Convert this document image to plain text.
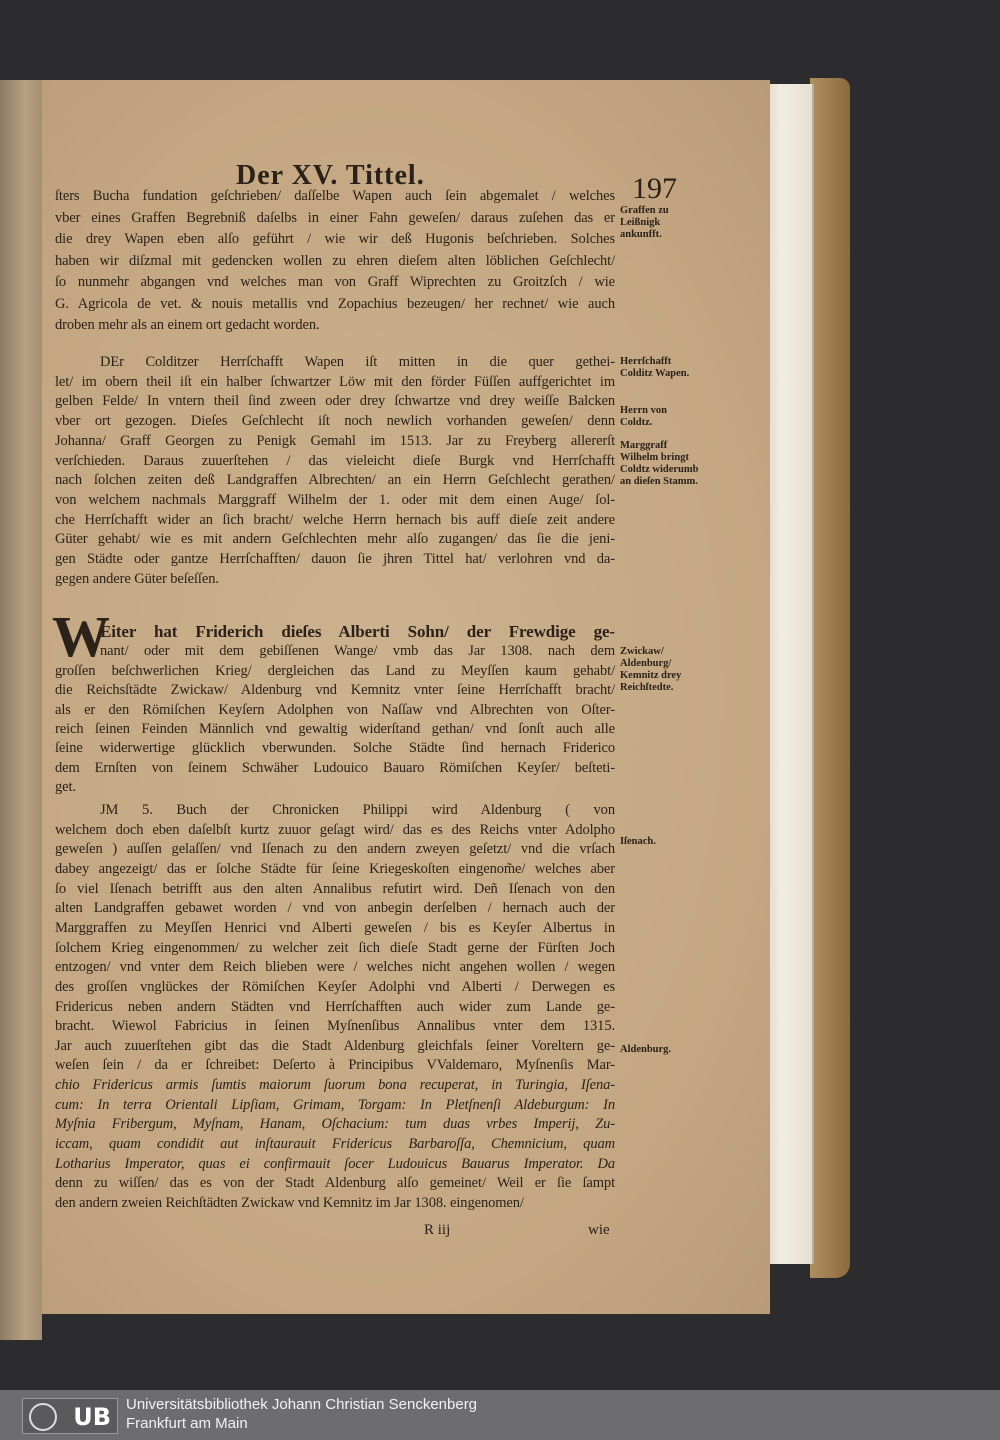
Der XV. Tittel.	197
W
ſters Bucha fundation geſchrieben/ daſſelbe Wapen auch ſein abgemalet / welches
vber eines Graffen Begrebniß daſelbs in einer Fahn geweſen/ daraus zuſehen das er
die drey Wapen eben alſo geführt / wie wir deß Hugonis beſchrieben. Solches
haben wir diſzmal mit gedencken wollen zu ehren dieſem alten löblichen Geſchlecht/
ſo nunmehr abgangen vnd welches man von Graff Wiprechten zu Groitzſch / wie
G. Agricola de vet. & nouis metallis vnd Zopachius bezeugen/ her rechnet/ wie auch
droben mehr als an einem ort gedacht worden.
DEr Colditzer Herrſchafft Wapen iſt mitten in die quer gethei-
let/ im obern theil iſt ein halber ſchwartzer Löw mit den förder Füſſen auffgerichtet im
gelben Felde/ In vntern theil ſind zween oder drey ſchwartze vnd drey weiſſe Balcken
vber ort gezogen. Dieſes Geſchlecht iſt noch newlich vorhanden geweſen/ denn
Johanna/ Graff Georgen zu Penigk Gemahl im 1513. Jar zu Freyberg allererſt
verſchieden. Daraus zuuerſtehen / das vieleicht dieſe Burgk vnd Herrſchafft
nach ſolchen zeiten deß Landgraffen Albrechten/ an ein Herrn Geſchlecht gerathen/
von welchem nachmals Marggraff Wilhelm der 1. oder mit dem einen Auge/ ſol-
che Herrſchafft wider an ſich bracht/ welche Herrn hernach bis auff dieſe zeit andere
Güter gehabt/ wie es mit andern Geſchlechten mehr alſo zugangen/ das ſie die jeni-
gen Städte oder gantze Herrſchafften/ dauon ſie jhren Tittel hat/ verlohren vnd da-
gegen andere Güter beſeſſen.
Eiter hat Friderich dieſes Alberti Sohn/ der Frewdige ge-
nant/ oder mit dem gebiſſenen Wange/ vmb das Jar 1308. nach dem
groſſen beſchwerlichen Krieg/ dergleichen das Land zu Meyſſen kaum gehabt/
die Reichsſtädte Zwickaw/ Aldenburg vnd Kemnitz vnter ſeine Herrſchafft bracht/
als er den Römiſchen Keyſern Adolphen von Naſſaw vnd Albrechten von Oſter-
reich ſeinen Feinden Männlich vnd gewaltig widerſtand gethan/ vnd ſonſt auch alle
ſeine widerwertige glücklich vberwunden. Solche Städte ſind hernach Friderico
dem Ernſten von ſeinem Schwäher Ludouico Bauaro Römiſchen Keyſer/ beſteti-
get.
JM 5. Buch der Chronicken Philippi wird Aldenburg ( von
welchem doch eben daſelbſt kurtz zuuor geſagt wird/ das es des Reichs vnter Adolpho
geweſen ) auſſen gelaſſen/ vnd Iſenach zu den andern zweyen geſetzt/ vnd die vrſach
dabey angezeigt/ das er ſolche Städte für ſeine Kriegeskoſten eingenom̃e/ welches aber
ſo viel Iſenach betrifft aus den alten Annalibus refutirt wird. Deñ Iſenach von den
alten Landgraffen gebawet worden / vnd von anbegin derſelben / hernach auch der
Marggraffen zu Meyſſen Henrici vnd Alberti geweſen / bis es Keyſer Albertus in
ſolchem Krieg eingenommen/ zu welcher zeit ſich dieſe Stadt gerne der Fürſten Joch
entzogen/ vnd vnter dem Reich blieben were / welches nicht angehen wollen / wegen
des groſſen vnglückes der Römiſchen Keyſer Adolphi vnd Alberti / Derwegen es
Fridericus neben andern Städten vnd Herrſchafften auch wider zum Lande ge-
bracht. Wiewol Fabricius in ſeinen Myſnenſibus Annalibus vnter dem 1315.
Jar auch zuuerſtehen gibt das die Stadt Aldenburg gleichfals ſeiner Voreltern ge-
weſen ſein / da er ſchreibet: Deſerto à Principibus VValdemaro, Myſnenſis Mar-
chio Fridericus armis ſumtis maiorum ſuorum bona recuperat, in Turingia, Iſena-
cum: In terra Orientali Lipſiam, Grimam, Torgam: In Pletſnenſi Aldeburgum: In
Myſnia Fribergum, Myſnam, Hanam, Oſchacium: tum duas vrbes Imperij, Zu-
iccam, quam condidit aut inſtaurauit Fridericus Barbaroſſa, Chemnicium, quam
Lotharius Imperator, quas ei confirmauit ſocer Ludouicus Bauarus Imperator. Da
denn zu wiſſen/ das es von der Stadt Aldenburg alſo gemeinet/ Weil er ſie ſampt
den andern zweien Reichſtädten Zwickaw vnd Kemnitz im Jar 1308. eingenomen/
Graffen zu Leißnigk ankunfft.
Herrſchafft Colditz Wapen.
Herrn von Coldtz.
Marggraff Wilhelm bringt Coldtz widerumb an dieſen Stamm.
Zwickaw/ Aldenburg/ Kemnitz drey Reichſtedte.
Iſenach.
Aldenburg.
R iij	wie
UB	Universitätsbibliothek Johann Christian Senckenberg
Frankfurt am Main
